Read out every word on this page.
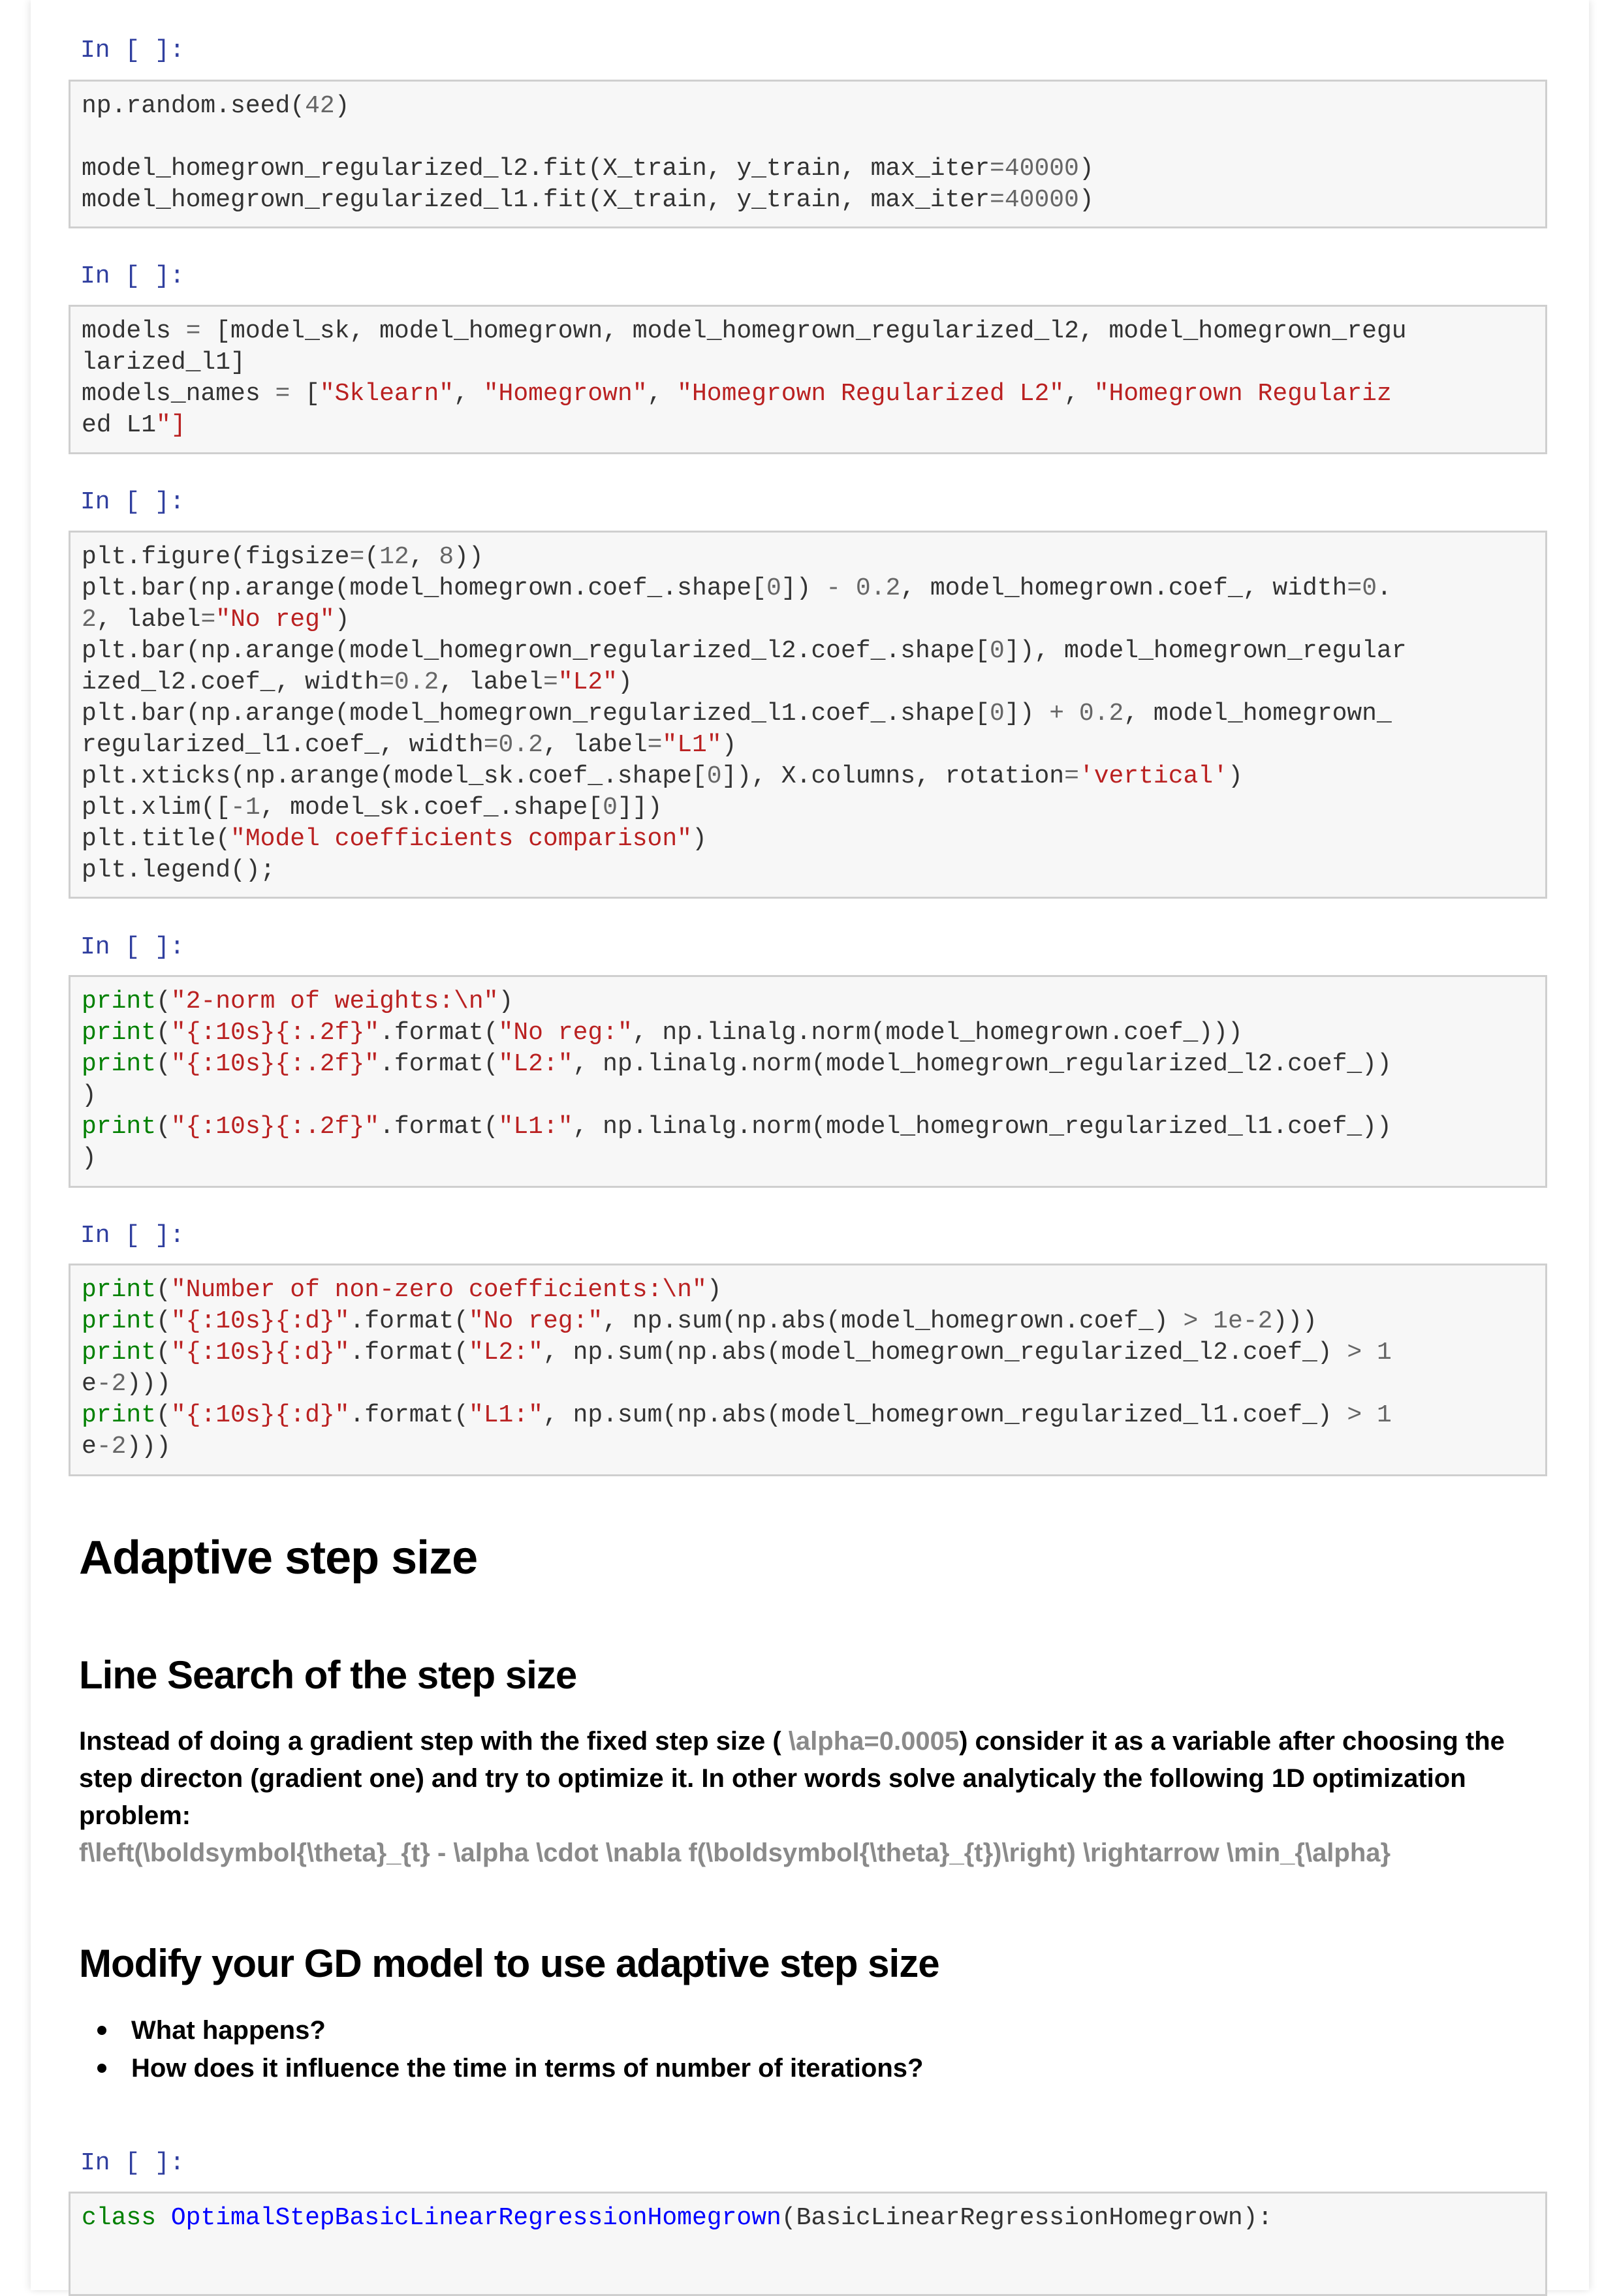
In [ ]:
np.random.seed(42)

model_homegrown_regularized_l2.fit(X_train, y_train, max_iter=40000)
model_homegrown_regularized_l1.fit(X_train, y_train, max_iter=40000)
In [ ]:
models = [model_sk, model_homegrown, model_homegrown_regularized_l2, model_homegrown_regu
larized_l1]
models_names = ["Sklearn", "Homegrown", "Homegrown Regularized L2", "Homegrown Regulariz
ed L1"]
In [ ]:
plt.figure(figsize=(12, 8))
plt.bar(np.arange(model_homegrown.coef_.shape[0]) - 0.2, model_homegrown.coef_, width=0.
2, label="No reg")
plt.bar(np.arange(model_homegrown_regularized_l2.coef_.shape[0]), model_homegrown_regular
ized_l2.coef_, width=0.2, label="L2")
plt.bar(np.arange(model_homegrown_regularized_l1.coef_.shape[0]) + 0.2, model_homegrown_
regularized_l1.coef_, width=0.2, label="L1")
plt.xticks(np.arange(model_sk.coef_.shape[0]), X.columns, rotation='vertical')
plt.xlim([-1, model_sk.coef_.shape[0]])
plt.title("Model coefficients comparison")
plt.legend();
In [ ]:
print("2-norm of weights:\n")
print("{:10s}{:.2f}".format("No reg:", np.linalg.norm(model_homegrown.coef_)))
print("{:10s}{:.2f}".format("L2:", np.linalg.norm(model_homegrown_regularized_l2.coef_))
)
print("{:10s}{:.2f}".format("L1:", np.linalg.norm(model_homegrown_regularized_l1.coef_))
)
In [ ]:
print("Number of non-zero coefficients:\n")
print("{:10s}{:d}".format("No reg:", np.sum(np.abs(model_homegrown.coef_) > 1e-2)))
print("{:10s}{:d}".format("L2:", np.sum(np.abs(model_homegrown_regularized_l2.coef_) > 1
e-2)))
print("{:10s}{:d}".format("L1:", np.sum(np.abs(model_homegrown_regularized_l1.coef_) > 1
e-2)))
Adaptive step size
Line Search of the step size
Instead of doing a gradient step with the fixed step size ( \alpha=0.0005) consider it as a variable after choosing the step directon (gradient one) and try to optimize it. In other words solve analyticaly the following 1D optimization problem:
f\left(\boldsymbol{\theta}_{t} - \alpha \cdot \nabla f(\boldsymbol{\theta}_{t})\right) \rightarrow \min_{\alpha}
Modify your GD model to use adaptive step size
What happens?
How does it influence the time in terms of number of iterations?
In [ ]:
class OptimalStepBasicLinearRegressionHomegrown(BasicLinearRegressionHomegrown):
